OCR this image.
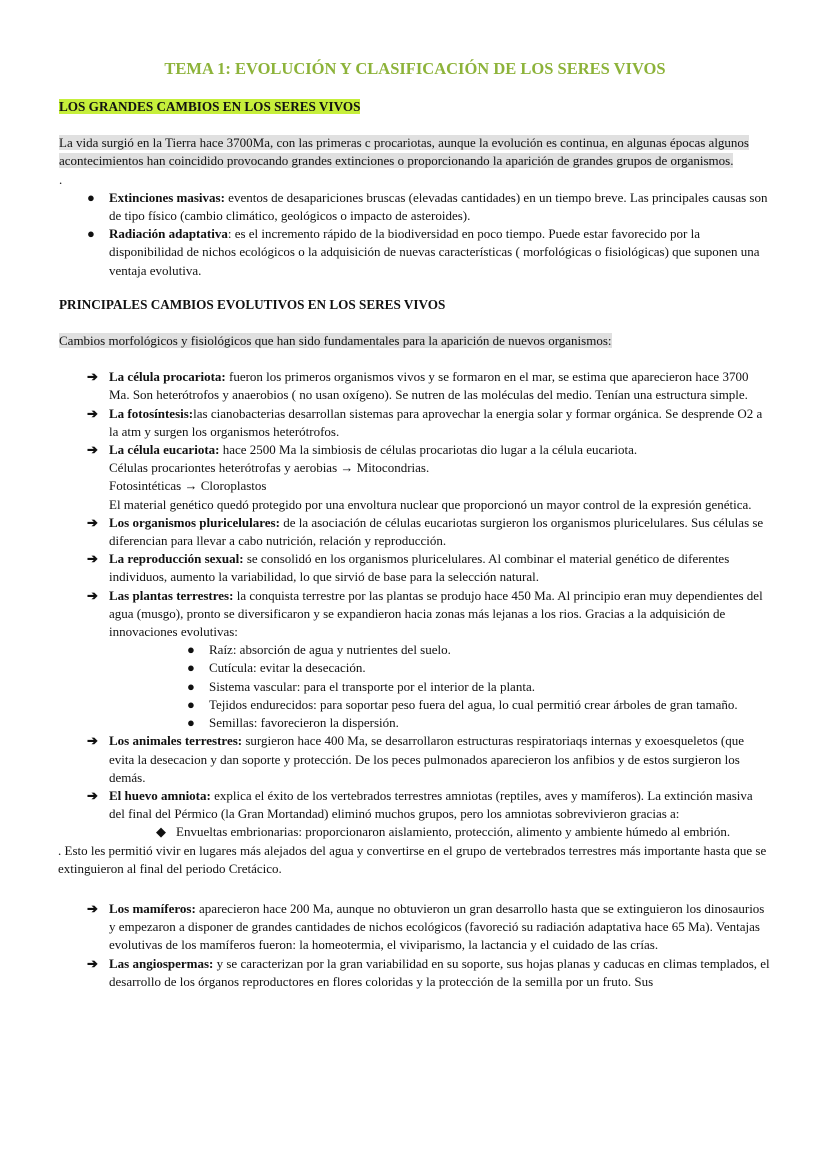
TEMA 1: EVOLUCIÓN Y CLASIFICACIÓN DE LOS SERES VIVOS

LOS GRANDES CAMBIOS EN LOS SERES VIVOS

La vida surgió en la Tierra hace 3700Ma, con las primeras c procariotas, aunque la evolución es continua, en algunas épocas algunos acontecimientos han coincidido provocando grandes extinciones o proporcionando la aparición de grandes grupos de organismos.

.

● Extinciones masivas: eventos de desapariciones bruscas (elevadas cantidades) en un tiempo breve. Las principales causas son de tipo físico (cambio climático, geológicos o impacto de asteroides).
● Radiación adaptativa: es el incremento rápido de la biodiversidad en poco tiempo. Puede estar favorecido por la disponibilidad de nichos ecológicos o la adquisición de nuevas características ( morfológicas o fisiológicas) que suponen una ventaja evolutiva.

PRINCIPALES CAMBIOS EVOLUTIVOS EN LOS SERES VIVOS

Cambios morfológicos y fisiológicos que han sido fundamentales para la aparición de nuevos organismos:

➔ La célula procariota: fueron los primeros organismos vivos y se formaron en el mar, se estima que aparecieron hace 3700 Ma. Son heterótrofos y anaerobios ( no usan oxígeno). Se nutren de las moléculas del medio. Tenían una estructura simple.
➔ La fotosíntesis:las cianobacterias desarrollan sistemas para aprovechar la energia solar y formar orgánica. Se desprende O2 a la atm y surgen los organismos heterótrofos.
➔ La célula eucariota: hace 2500 Ma la simbiosis de células procariotas dio lugar a la célula eucariota.
Células procariontes heterótrofas y aerobias → Mitocondrias.
Fotosintéticas → Cloroplastos
El material genético quedó protegido por una envoltura nuclear que proporcionó un mayor control de la expresión genética.
➔ Los organismos pluricelulares: de la asociación de células eucariotas surgieron los organismos pluricelulares. Sus células se diferencian para llevar a cabo nutrición, relación y reproducción.
➔ La reproducción sexual: se consolidó en los organismos pluricelulares. Al combinar el material genético de diferentes individuos, aumento la variabilidad, lo que sirvió de base para la selección natural.
➔ Las plantas terrestres: la conquista terrestre por las plantas se produjo hace 450 Ma. Al principio eran muy dependientes del agua (musgo), pronto se diversificaron y se expandieron hacia zonas más lejanas a los rios. Gracias a la adquisición de innovaciones evolutivas:
● Raíz: absorción de agua y nutrientes del suelo.
● Cutícula: evitar la desecación.
● Sistema vascular: para el transporte por el interior de la planta.
● Tejidos endurecidos: para soportar peso fuera del agua, lo cual permitió crear árboles de gran tamaño.
● Semillas: favorecieron la dispersión.
➔ Los animales terrestres: surgieron hace 400 Ma, se desarrollaron estructuras respiratoriaqs internas y exoesqueletos (que evita la desecacion y dan soporte y protección. De los peces pulmonados aparecieron los anfibios y de estos surgieron los demás.
➔ El huevo amniota: explica el éxito de los vertebrados terrestres amniotas (reptiles, aves y mamíferos). La extinción masiva del final del Pérmico (la Gran Mortandad) eliminó muchos grupos, pero los amniotas sobrevivieron gracias a:
◆ Envueltas embrionarias: proporcionaron aislamiento, protección, alimento y ambiente húmedo al embrión.

. Esto les permitió vivir en lugares más alejados del agua y convertirse en el grupo de vertebrados terrestres más importante hasta que se extinguieron al final del periodo Cretácico.

➔ Los mamíferos: aparecieron hace 200 Ma, aunque no obtuvieron un gran desarrollo hasta que se extinguieron los dinosaurios y empezaron a disponer de grandes cantidades de nichos ecológicos (favoreció su radiación adaptativa hace 65 Ma). Ventajas evolutivas de los mamíferos fueron: la homeotermia, el viviparismo, la lactancia y el cuidado de las crías.
➔ Las angiospermas: y se caracterizan por la gran variabilidad en su soporte, sus hojas planas y caducas en climas templados, el desarrollo de los órganos reproductores en flores coloridas y la protección de la semilla por un fruto. Sus
